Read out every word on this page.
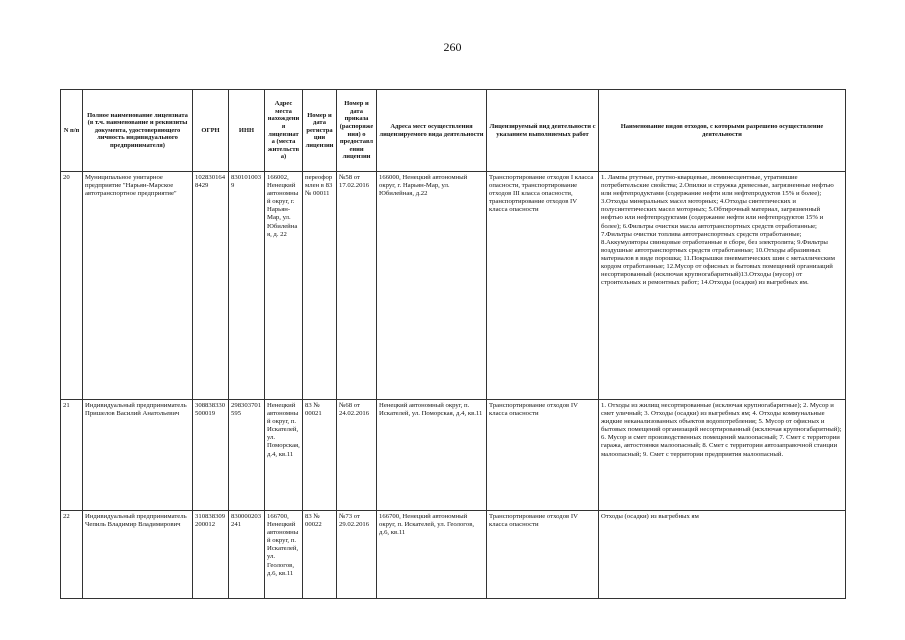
260
N п/п	Полное наименование лицензиата (в т.ч. наименование и реквизиты документа, удостоверяющего личность индивидуального предпринимателя)	ОГРН	ИНН	Адрес места нахождения лицензиата (места жительства)	Номер и дата регистрации лицензии	Номер и дата приказа (распоряжения) о предоставлении лицензии	Адреса мест осуществления лицензируемого вида деятельности	Лицензируемый вид деятельности с указанием выполняемых работ	Наименование видов отходов, с которыми разрешено осуществление деятельности
20	Муниципальное унитарное предприятие "Нарьян-Марское автотранспортное предприятие"	1028301648429	8301010039	166002, Ненецкий автономный округ, г. Нарьян-Мар, ул. Юбилейная, д. 22	переоформлен в 83 № 00011	№58 от 17.02.2016	166000, Ненецкий автономный округ, г. Нарьян-Мар, ул. Юбилейная, д.22	Транспортирование отходов I класса опасности, транспортирование отходов III класса опасности, транспортирование отходов IV класса опасности	1. Лампы ртутные, ртутно-кварцевые, люминесцентные, утратившие потребительские свойства; 2.Опилки и стружка древесные, загрязненные нефтью или нефтепродуктами (содержание нефти или нефтепродуктов 15% и более); 3.Отходы минеральных масел моторных; 4.Отходы синтетических и полусинтетических масел моторных; 5.Обтирочный материал, загрязненный нефтью или нефтепродуктами (содержание нефти или нефтепродуктов 15% и более); 6.Фильтры очистки масла автотранспортных средств отработанные; 7.Фильтры очистки топлива автотранспортных средств отработанные; 8.Аккумуляторы свинцовые отработанные в сборе, без электролита; 9.Фильтры воздушные автотранспортных средств отработанные; 10.Отходы абразивных материалов в виде порошка; 11.Покрышки пневматических шин с металлическим кордом отработанные; 12.Мусор от офисных и бытовых помещений организаций несортированный (исключая крупногабаритный)13.Отходы (мусор) от строительных и ремонтных работ; 14.Отходы (осадки) из выгребных ям.
21	Индивидуальный предприниматель Пришелов Василий Анатольевич	308838330500019	298303701595	Ненецкий автономный округ, п. Искателей, ул. Поморская, д.4, кв.11	83 № 00021	№68 от 24.02.2016	Ненецкий автономный округ, п. Искателей, ул. Поморская, д.4, кв.11	Транспортирование отходов IV класса опасности	1. Отходы из жилищ несортированные (исключая крупногабаритные); 2. Мусор и смет уличный; 3. Отходы (осадки) из выгребных ям; 4. Отходы коммунальные жидкие неканализованных объектов водопотребления; 5. Мусор от офисных и бытовых помещений организаций несортированный (исключая крупногабаритный); 6. Мусор и смет производственных помещений малоопасный; 7. Смет с территории гаража, автостоянки малоопасный; 8. Смет с территории автозаправочной станции малоопасный; 9. Смет с территории предприятия малоопасный.
22	Индивидуальный предприниматель Чепиль Владимир Владимирович	310838309200012	830000203241	166700, Ненецкий автономный округ, п. Искателей, ул. Геологов, д.6, кв.11	83 № 00022	№73 от 29.02.2016	166700, Ненецкий автономный округ, п. Искателей, ул. Геологов, д.6, кв.11	Транспортирование отходов IV класса опасности	Отходы (осадки) из выгребных ям
